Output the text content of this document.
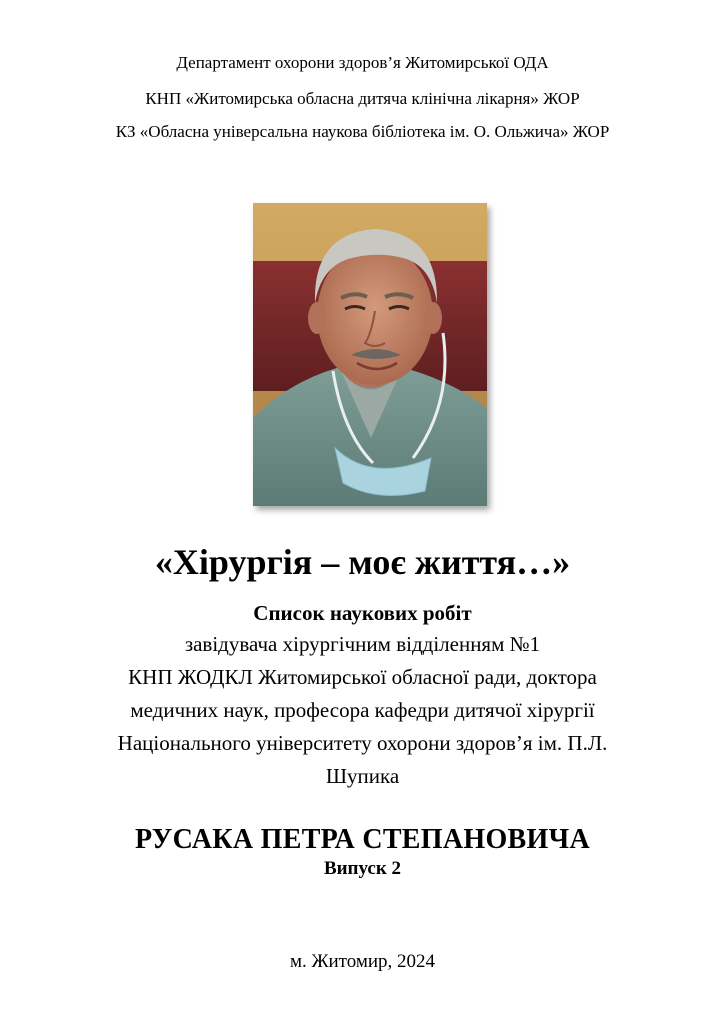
Департамент охорони здоров’я Житомирської ОДА
КНП «Житомирська обласна дитяча клінічна лікарня» ЖОР
КЗ «Обласна універсальна наукова бібліотека ім. О. Ольжича» ЖОР
«Хірургія – моє життя…»
Список наукових робіт
завідувача хірургічним відділенням №1
КНП ЖОДКЛ Житомирської обласної ради, доктора
медичних наук, професора кафедри дитячої хірургії
Національного університету охорони здоров’я ім. П.Л.
Шупика
РУСАКА ПЕТРА СТЕПАНОВИЧА
Випуск 2
м. Житомир, 2024
